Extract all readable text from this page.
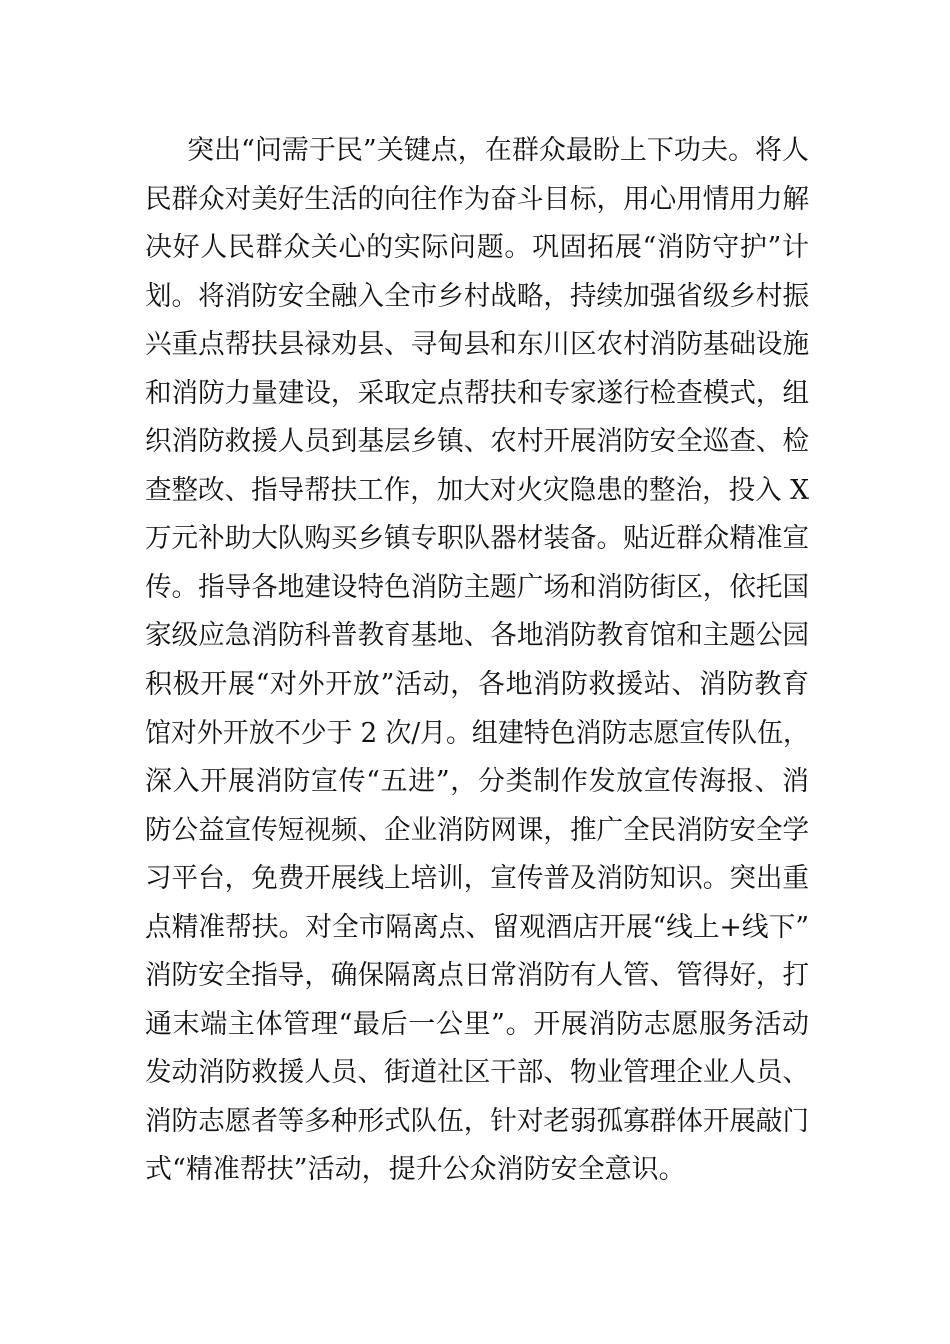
突出“问需于民”关键点，在群众最盼上下功夫。将人
民群众对美好生活的向往作为奋斗目标，用心用情用力解
决好人民群众关心的实际问题。巩固拓展“消防守护”计
划。将消防安全融入全市乡村战略，持续加强省级乡村振
兴重点帮扶县禄劝县、寻甸县和东川区农村消防基础设施
和消防力量建设，采取定点帮扶和专家遂行检查模式，组
织消防救援人员到基层乡镇、农村开展消防安全巡查、检
查整改、指导帮扶工作，加大对火灾隐患的整治，投入 X
万元补助大队购买乡镇专职队器材装备。贴近群众精准宣
传。指导各地建设特色消防主题广场和消防街区，依托国
家级应急消防科普教育基地、各地消防教育馆和主题公园
积极开展“对外开放”活动，各地消防救援站、消防教育
馆对外开放不少于 2 次/月。组建特色消防志愿宣传队伍，
深入开展消防宣传“五进”，分类制作发放宣传海报、消
防公益宣传短视频、企业消防网课，推广全民消防安全学
习平台，免费开展线上培训，宣传普及消防知识。突出重
点精准帮扶。对全市隔离点、留观酒店开展“线上+线下”
消防安全指导，确保隔离点日常消防有人管、管得好，打
通末端主体管理“最后一公里”。开展消防志愿服务活动
发动消防救援人员、街道社区干部、物业管理企业人员、
消防志愿者等多种形式队伍，针对老弱孤寡群体开展敲门
式“精准帮扶”活动，提升公众消防安全意识。
